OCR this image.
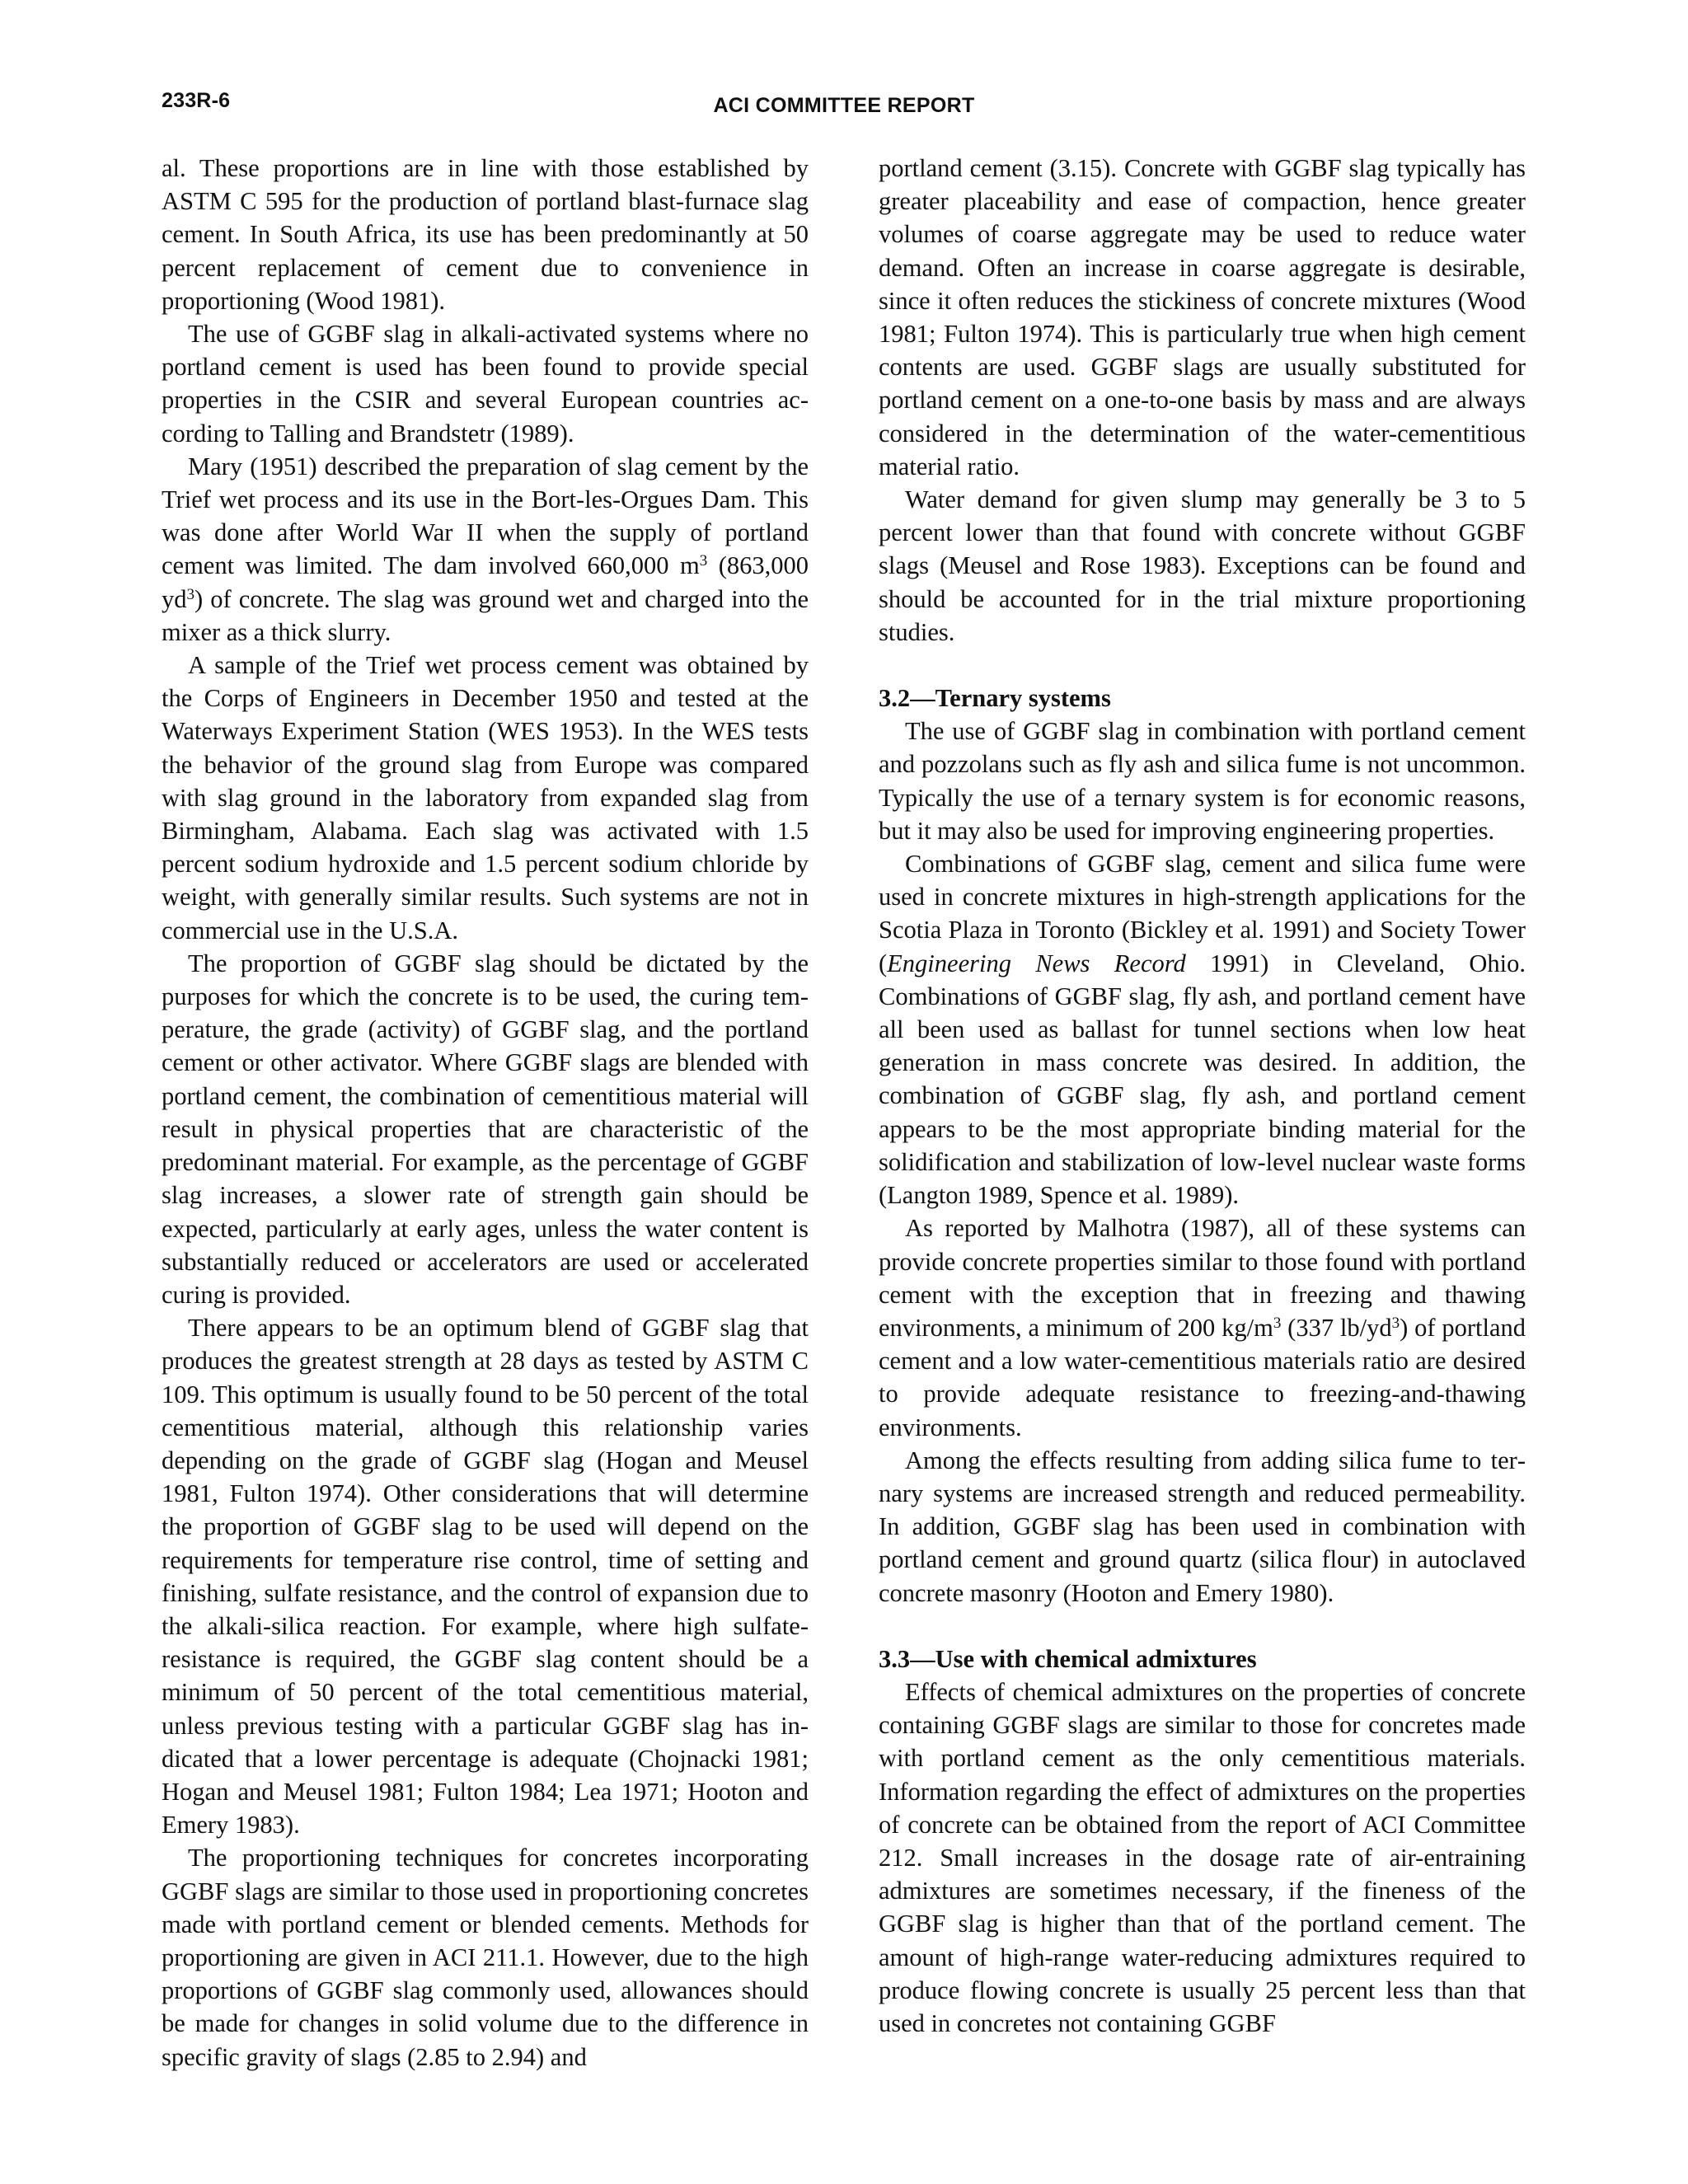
233R-6	ACI COMMITTEE REPORT

al. These proportions are in line with those established by ASTM C 595 for the production of portland blast-furnace slag cement. In South Africa, its use has been predominantly at 50 percent replacement of cement due to convenience in proportioning (Wood 1981).

The use of GGBF slag in alkali-activated systems where no portland cement is used has been found to provide special properties in the CSIR and several European countries according to Talling and Brandstetr (1989).

Mary (1951) described the preparation of slag cement by the Trief wet process and its use in the Bort-les-Orgues Dam. This was done after World War II when the supply of portland cement was limited. The dam involved 660,000 $m^3$ (863,000 $yd^3$) of concrete. The slag was ground wet and charged into the mixer as a thick slurry.

A sample of the Trief wet process cement was obtained by the Corps of Engineers in December 1950 and tested at the Waterways Experiment Station (WES 1953). In the WES tests the behavior of the ground slag from Europe was compared with slag ground in the laboratory from expanded slag from Birmingham, Alabama. Each slag was activated with 1.5 percent sodium hydroxide and 1.5 percent sodium chloride by weight, with generally similar results. Such systems are not in commercial use in the U.S.A.

The proportion of GGBF slag should be dictated by the purposes for which the concrete is to be used, the curing temperature, the grade (activity) of GGBF slag, and the portland cement or other activator. Where GGBF slags are blended with portland cement, the combination of cementitious material will result in physical properties that are characteristic of the predominant material. For example, as the percentage of GGBF slag increases, a slower rate of strength gain should be expected, particularly at early ages, unless the water content is substantially reduced or accelerators are used or accelerated curing is provided.

There appears to be an optimum blend of GGBF slag that produces the greatest strength at 28 days as tested by ASTM C 109. This optimum is usually found to be 50 percent of the total cementitious material, although this relationship varies depending on the grade of GGBF slag (Hogan and Meusel 1981, Fulton 1974). Other considerations that will determine the proportion of GGBF slag to be used will depend on the requirements for temperature rise control, time of setting and finishing, sulfate resistance, and the control of expansion due to the alkali-silica reaction. For example, where high sulfate-resistance is required, the GGBF slag content should be a minimum of 50 percent of the total cementitious material, unless previous testing with a particular GGBF slag has indicated that a lower percentage is adequate (Chojnacki 1981; Hogan and Meusel 1981; Fulton 1984; Lea 1971; Hooton and Emery 1983).

The proportioning techniques for concretes incorporating GGBF slags are similar to those used in proportioning concretes made with portland cement or blended cements. Methods for proportioning are given in ACI 211.1. However, due to the high proportions of GGBF slag commonly used, allowances should be made for changes in solid volume due to the difference in specific gravity of slags (2.85 to 2.94) and

portland cement (3.15). Concrete with GGBF slag typically has greater placeability and ease of compaction, hence greater volumes of coarse aggregate may be used to reduce water demand. Often an increase in coarse aggregate is desirable, since it often reduces the stickiness of concrete mixtures (Wood 1981; Fulton 1974). This is particularly true when high cement contents are used. GGBF slags are usually substituted for portland cement on a one-to-one basis by mass and are always considered in the determination of the water-cementitious material ratio.

Water demand for given slump may generally be 3 to 5 percent lower than that found with concrete without GGBF slags (Meusel and Rose 1983). Exceptions can be found and should be accounted for in the trial mixture proportioning studies.

3.2—Ternary systems

The use of GGBF slag in combination with portland cement and pozzolans such as fly ash and silica fume is not uncommon. Typically the use of a ternary system is for economic reasons, but it may also be used for improving engineering properties.

Combinations of GGBF slag, cement and silica fume were used in concrete mixtures in high-strength applications for the Scotia Plaza in Toronto (Bickley et al. 1991) and Society Tower (Engineering News Record 1991) in Cleveland, Ohio. Combinations of GGBF slag, fly ash, and portland cement have all been used as ballast for tunnel sections when low heat generation in mass concrete was desired. In addition, the combination of GGBF slag, fly ash, and portland cement appears to be the most appropriate binding material for the solidification and stabilization of low-level nuclear waste forms (Langton 1989, Spence et al. 1989).

As reported by Malhotra (1987), all of these systems can provide concrete properties similar to those found with portland cement with the exception that in freezing and thawing environments, a minimum of 200 $kg/m^3$ (337 $lb/yd^3$) of portland cement and a low water-cementitious materials ratio are desired to provide adequate resistance to freezing-and-thawing environments.

Among the effects resulting from adding silica fume to ternary systems are increased strength and reduced permeability. In addition, GGBF slag has been used in combination with portland cement and ground quartz (silica flour) in autoclaved concrete masonry (Hooton and Emery 1980).

3.3—Use with chemical admixtures

Effects of chemical admixtures on the properties of concrete containing GGBF slags are similar to those for concretes made with portland cement as the only cementitious materials. Information regarding the effect of admixtures on the properties of concrete can be obtained from the report of ACI Committee 212. Small increases in the dosage rate of air-entraining admixtures are sometimes necessary, if the fineness of the GGBF slag is higher than that of the portland cement. The amount of high-range water-reducing admixtures required to produce flowing concrete is usually 25 percent less than that used in concretes not containing GGBF
